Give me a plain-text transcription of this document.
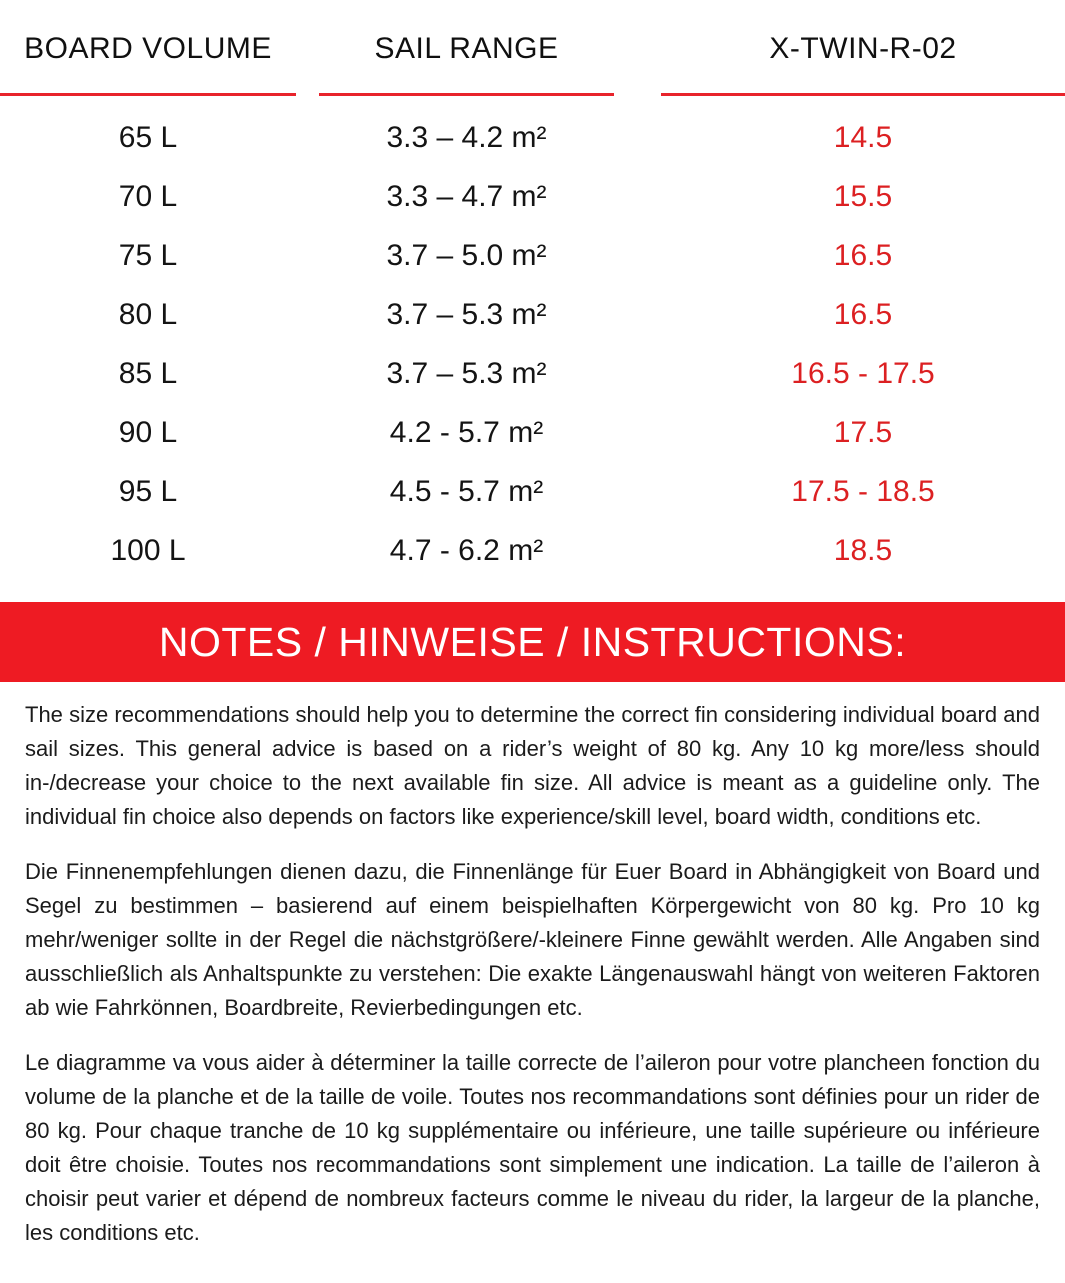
BOARD VOLUME	SAIL RANGE	X-TWIN-R-02
65 L	3.3 – 4.2 m²	14.5
70 L	3.3 – 4.7 m²	15.5
75 L	3.7 – 5.0 m²	16.5
80 L	3.7 – 5.3 m²	16.5
85 L	3.7 – 5.3 m²	16.5 - 17.5
90 L	4.2 - 5.7 m²	17.5
95 L	4.5 - 5.7 m²	17.5 - 18.5
100 L	4.7 - 6.2 m²	18.5
NOTES / HINWEISE / INSTRUCTIONS:

The size recommendations should help you to determine the correct fin considering individual board and sail sizes. This general advice is based on a rider’s weight of 80 kg. Any 10 kg more/less should in-/decrease your choice to the next available fin size. All advice is meant as a guideline only. The individual fin choice also depends on factors like experience/skill level, board width, conditions etc.

Die Finnenempfehlungen dienen dazu, die Finnenlänge für Euer Board in Abhängigkeit von Board und Segel zu bestimmen – basierend auf einem beispielhaften Körpergewicht von 80 kg. Pro 10 kg mehr/weniger sollte in der Regel die nächstgrößere/-kleinere Finne gewählt werden. Alle Angaben sind ausschließlich als Anhaltspunkte zu verstehen: Die exakte Längenauswahl hängt von weiteren Faktoren ab wie Fahrkönnen, Boardbreite, Revierbedingungen etc.

Le diagramme va vous aider à déterminer la taille correcte de l’aileron pour votre plancheen fonction du volume de la planche et de la taille de voile. Toutes nos recommandations sont définies pour un rider de 80 kg. Pour chaque tranche de 10 kg supplémentaire ou inférieure, une taille supérieure ou inférieure doit être choisie. Toutes nos recommandations sont simplement une indication. La taille de l’aileron à choisir peut varier et dépend de nombreux facteurs comme le niveau du rider, la largeur de la planche, les conditions etc.
